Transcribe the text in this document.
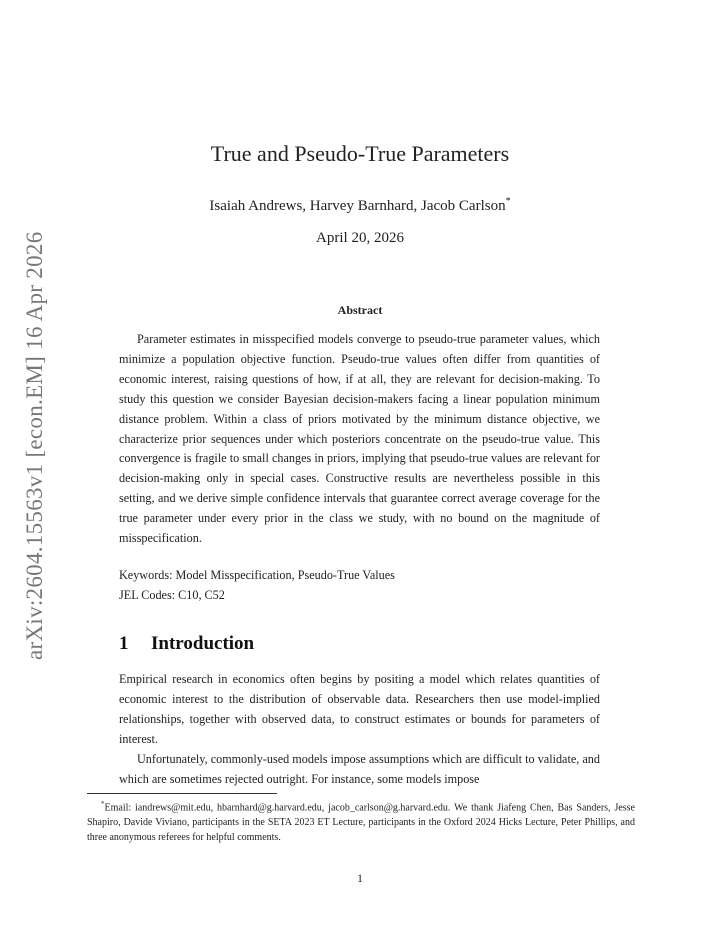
arXiv:2604.15563v1 [econ.EM] 16 Apr 2026
True and Pseudo-True Parameters
Isaiah Andrews, Harvey Barnhard, Jacob Carlson*
April 20, 2026
Abstract

Parameter estimates in misspecified models converge to pseudo-true parameter values, which minimize a population objective function. Pseudo-true values often differ from quantities of economic interest, raising questions of how, if at all, they are relevant for decision-making. To study this question we consider Bayesian decision-makers facing a linear population minimum distance problem. Within a class of priors motivated by the minimum distance objective, we characterize prior sequences under which posteriors concentrate on the pseudo-true value. This convergence is fragile to small changes in priors, implying that pseudo-true values are relevant for decision-making only in special cases. Constructive results are nevertheless possible in this setting, and we derive simple confidence intervals that guarantee correct average coverage for the true parameter under every prior in the class we study, with no bound on the magnitude of misspecification.

Keywords: Model Misspecification, Pseudo-True Values

JEL Codes: C10, C52

1 Introduction

Empirical research in economics often begins by positing a model which relates quantities of economic interest to the distribution of observable data. Researchers then use model-implied relationships, together with observed data, to construct estimates or bounds for parameters of interest.

Unfortunately, commonly-used models impose assumptions which are difficult to validate, and which are sometimes rejected outright. For instance, some models impose

*Email: iandrews@mit.edu, hbarnhard@g.harvard.edu, jacob_carlson@g.harvard.edu. We thank Jiafeng Chen, Bas Sanders, Jesse Shapiro, Davide Viviano, participants in the SETA 2023 ET Lecture, participants in the Oxford 2024 Hicks Lecture, Peter Phillips, and three anonymous referees for helpful comments.

1
